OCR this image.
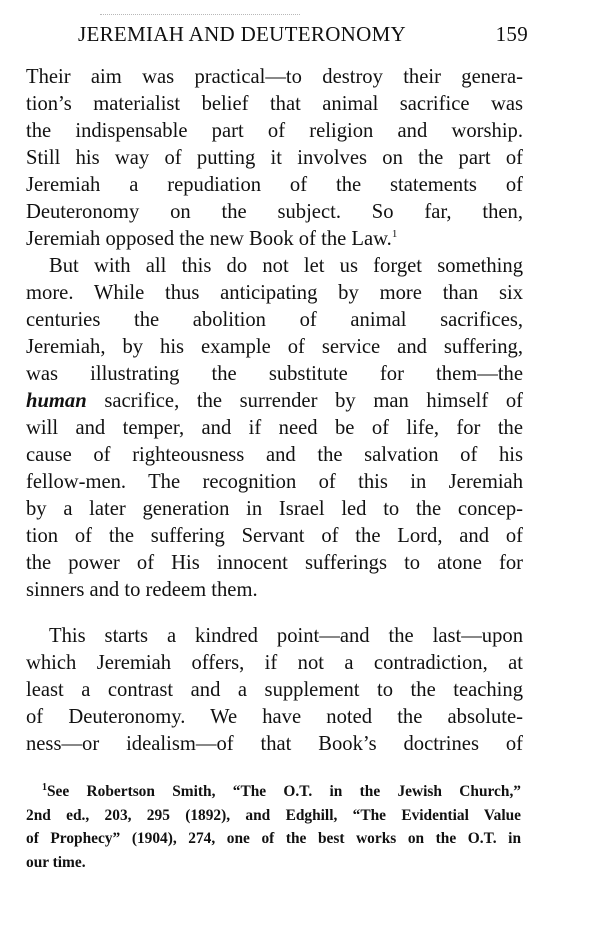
JEREMIAH AND DEUTERONOMY	159
Their aim was practical—to destroy their genera-
tion’s materialist belief that animal sacrifice was
the indispensable part of religion and worship.
Still his way of putting it involves on the part of
Jeremiah a repudiation of the statements of
Deuteronomy on the subject. So far, then,
Jeremiah opposed the new Book of the Law.$^1$
But with all this do not let us forget something
more. While thus anticipating by more than six
centuries the abolition of animal sacrifices,
Jeremiah, by his example of service and suffering,
was illustrating the substitute for them—the
human sacrifice, the surrender by man himself of
will and temper, and if need be of life, for the
cause of righteousness and the salvation of his
fellow-men. The recognition of this in Jeremiah
by a later generation in Israel led to the concep-
tion of the suffering Servant of the Lord, and of
the power of His innocent sufferings to atone for
sinners and to redeem them.
This starts a kindred point—and the last—upon
which Jeremiah offers, if not a contradiction, at
least a contrast and a supplement to the teaching
of Deuteronomy. We have noted the absolute-
ness—or idealism—of that Book’s doctrines of
$^1$See Robertson Smith, “The O.T. in the Jewish Church,”
2nd ed., 203, 295 (1892), and Edghill, “The Evidential Value
of Prophecy” (1904), 274, one of the best works on the O.T. in
our time.
